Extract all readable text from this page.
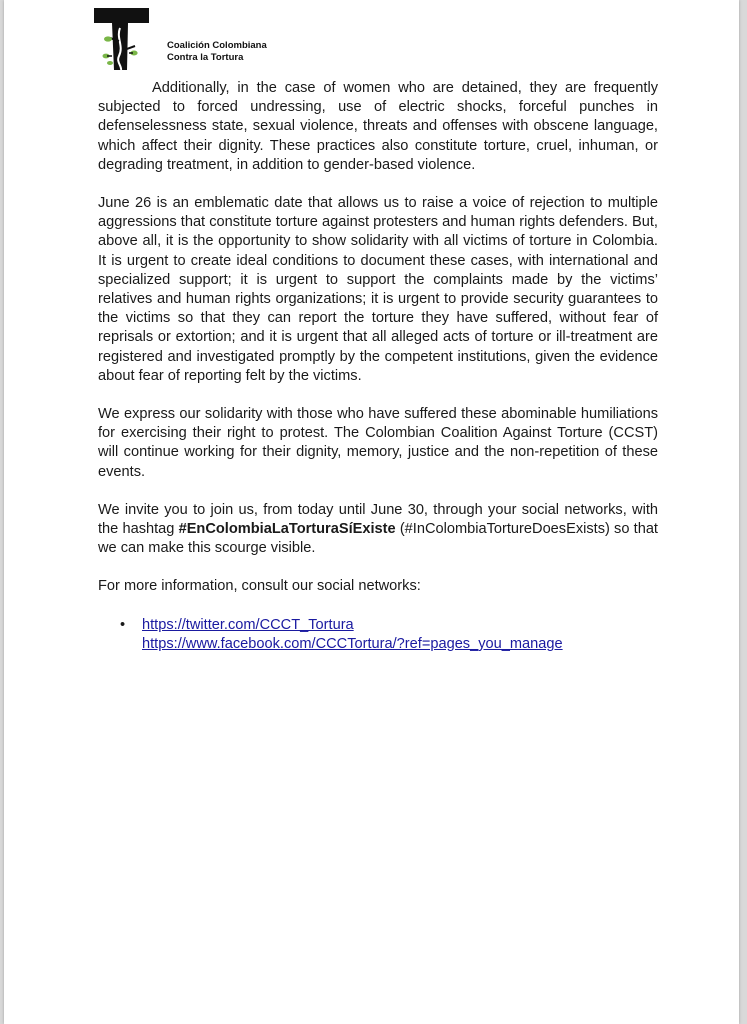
Coalición Colombiana
Contra la Tortura

Additionally, in the case of women who are detained, they are frequently subjected to forced undressing, use of electric shocks, forceful punches in defenselessness state, sexual violence, threats and offenses with obscene language, which affect their dignity. These practices also constitute torture, cruel, inhuman, or degrading treatment, in addition to gender-based violence.

June 26 is an emblematic date that allows us to raise a voice of rejection to multiple aggressions that constitute torture against protesters and human rights defenders. But, above all, it is the opportunity to show solidarity with all victims of torture in Colombia. It is urgent to create ideal conditions to document these cases, with international and specialized support; it is urgent to support the complaints made by the victims’ relatives and human rights organizations; it is urgent to provide security guarantees to the victims so that they can report the torture they have suffered, without fear of reprisals or extortion; and it is urgent that all alleged acts of torture or ill-treatment are registered and investigated promptly by the competent institutions, given the evidence about fear of reporting felt by the victims.

We express our solidarity with those who have suffered these abominable humiliations for exercising their right to protest. The Colombian Coalition Against Torture (CCST) will continue working for their dignity, memory, justice and the non-repetition of these events.

We invite you to join us, from today until June 30, through your social networks, with the hashtag #EnColombiaLaTorturaSíExiste (#InColombiaTortureDoesExists) so that we can make this scourge visible.

For more information, consult our social networks:

• https://twitter.com/CCCT_Tortura
https://www.facebook.com/CCCTortura/?ref=pages_you_manage
